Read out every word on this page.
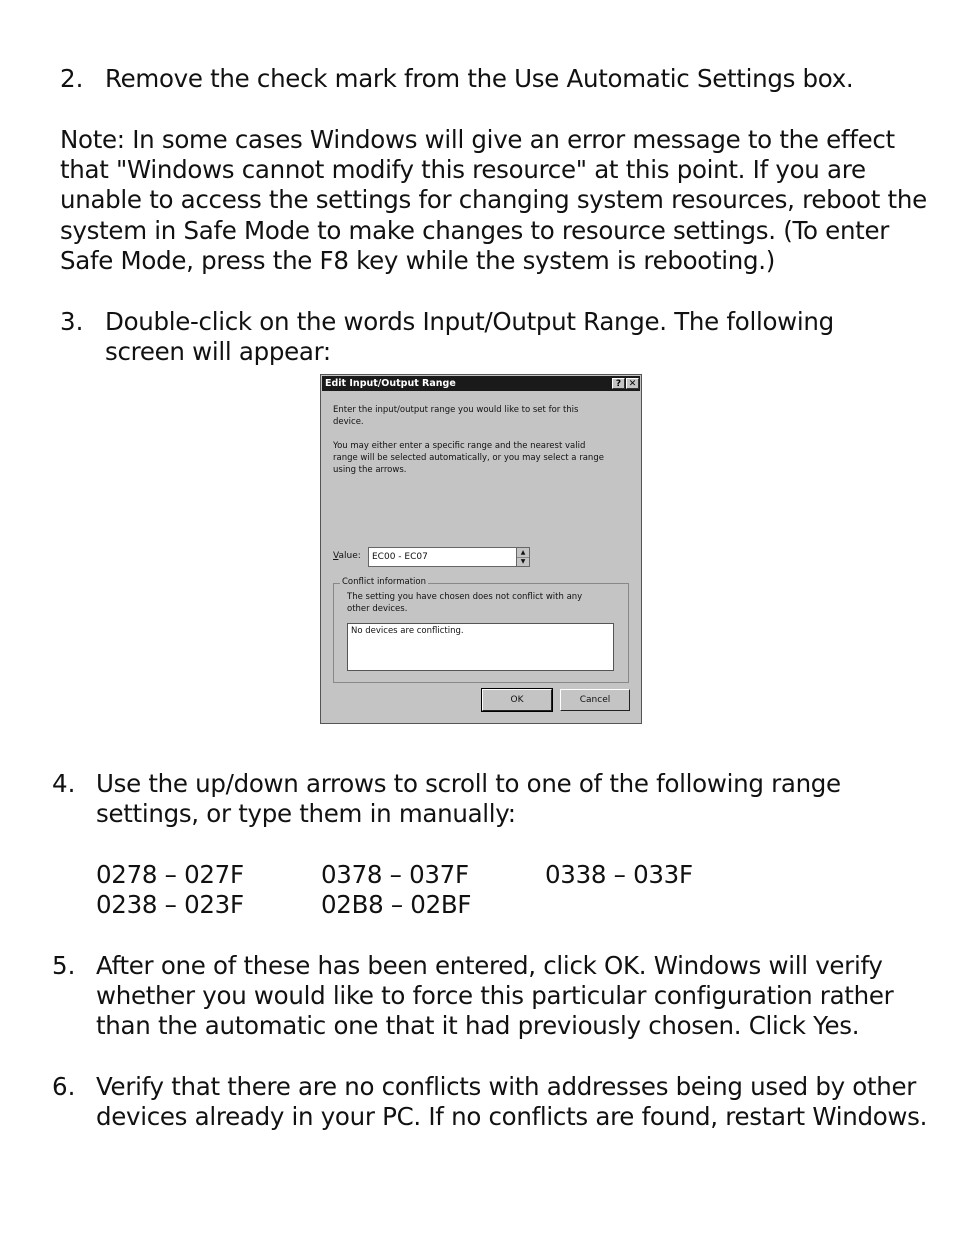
2. Remove the check mark from the Use Automatic Settings box.
Note: In some cases Windows will give an error message to the effect
that "Windows cannot modify this resource" at this point. If you are
unable to access the settings for changing system resources, reboot the
system in Safe Mode to make changes to resource settings. (To enter
Safe Mode, press the F8 key while the system is rebooting.)
3. Double-click on the words Input/Output Range. The following
screen will appear:
Edit Input/Output Range	? ✕
Enter the input/output range you would like to set for this
device.
You may either enter a specific range and the nearest valid
range will be selected automatically, or you may select a range
using the arrows.
Value:	EC00 - EC07	▲
▼
Conflict information
The setting you have chosen does not conflict with any
other devices.
No devices are conflicting.
OK	Cancel
4. Use the up/down arrows to scroll to one of the following range
settings, or type them in manually:
0278 – 027F	0378 – 037F	0338 – 033F
0238 – 023F	02B8 – 02BF
5. After one of these has been entered, click OK. Windows will verify
whether you would like to force this particular configuration rather
than the automatic one that it had previously chosen. Click Yes.
6. Verify that there are no conflicts with addresses being used by other
devices already in your PC. If no conflicts are found, restart Windows.
